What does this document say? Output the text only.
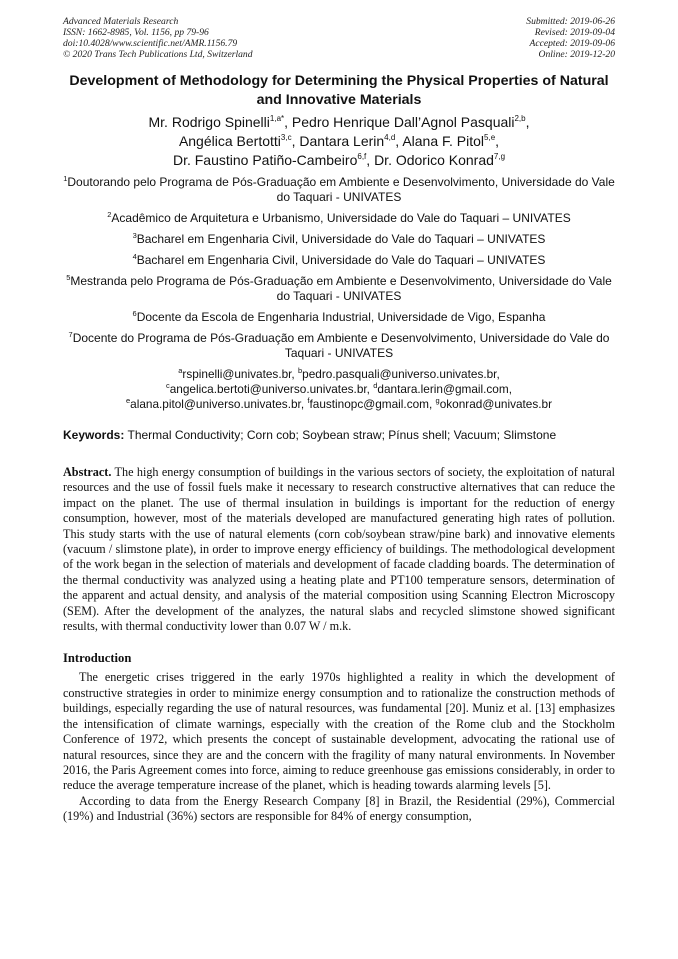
Advanced Materials Research
ISSN: 1662-8985, Vol. 1156, pp 79-96
doi:10.4028/www.scientific.net/AMR.1156.79
© 2020 Trans Tech Publications Ltd, Switzerland
Submitted: 2019-06-26
Revised: 2019-09-04
Accepted: 2019-09-06
Online: 2019-12-20
Development of Methodology for Determining the Physical Properties of Natural and Innovative Materials
Mr. Rodrigo Spinelli$^{1,a*}$, Pedro Henrique Dall’Agnol Pasquali$^{2,b}$,
Angélica Bertotti$^{3,c}$, Dantara Lerin$^{4,d}$, Alana F. Pitol$^{5,e}$,
Dr. Faustino Patiño-Cambeiro$^{6,f}$, Dr. Odorico Konrad$^{7,g}$
$^1$Doutorando pelo Programa de Pós-Graduação em Ambiente e Desenvolvimento, Universidade do Vale do Taquari - UNIVATES
$^2$Acadêmico de Arquitetura e Urbanismo, Universidade do Vale do Taquari – UNIVATES
$^3$Bacharel em Engenharia Civil, Universidade do Vale do Taquari – UNIVATES
$^4$Bacharel em Engenharia Civil, Universidade do Vale do Taquari – UNIVATES
$^5$Mestranda pelo Programa de Pós-Graduação em Ambiente e Desenvolvimento, Universidade do Vale do Taquari - UNIVATES
$^6$Docente da Escola de Engenharia Industrial, Universidade de Vigo, Espanha
$^7$Docente do Programa de Pós-Graduação em Ambiente e Desenvolvimento, Universidade do Vale do Taquari - UNIVATES
$^a$rspinelli@univates.br, $^b$pedro.pasquali@universo.univates.br,
$^c$angelica.bertoti@universo.univates.br, $^d$dantara.lerin@gmail.com,
$^e$alana.pitol@universo.univates.br, $^f$faustinopc@gmail.com, $^g$okonrad@univates.br
Keywords: Thermal Conductivity; Corn cob; Soybean straw; Pínus shell; Vacuum; Slimstone
Abstract. The high energy consumption of buildings in the various sectors of society, the exploitation of natural resources and the use of fossil fuels make it necessary to research constructive alternatives that can reduce the impact on the planet. The use of thermal insulation in buildings is important for the reduction of energy consumption, however, most of the materials developed are manufactured generating high rates of pollution. This study starts with the use of natural elements (corn cob/soybean straw/pine bark) and innovative elements (vacuum / slimstone plate), in order to improve energy efficiency of buildings. The methodological development of the work began in the selection of materials and development of facade cladding boards. The determination of the thermal conductivity was analyzed using a heating plate and PT100 temperature sensors, determination of the apparent and actual density, and analysis of the material composition using Scanning Electron Microscopy (SEM). After the development of the analyzes, the natural slabs and recycled slimstone showed significant results, with thermal conductivity lower than 0.07 W / m.k.
Introduction
The energetic crises triggered in the early 1970s highlighted a reality in which the development of constructive strategies in order to minimize energy consumption and to rationalize the construction methods of buildings, especially regarding the use of natural resources, was fundamental [20]. Muniz et al. [13] emphasizes the intensification of climate warnings, especially with the creation of the Rome club and the Stockholm Conference of 1972, which presents the concept of sustainable development, advocating the rational use of natural resources, since they are and the concern with the fragility of many natural environments. In November 2016, the Paris Agreement comes into force, aiming to reduce greenhouse gas emissions considerably, in order to reduce the average temperature increase of the planet, which is heading towards alarming levels [5].
According to data from the Energy Research Company [8] in Brazil, the Residential (29%), Commercial (19%) and Industrial (36%) sectors are responsible for 84% of energy consumption,
